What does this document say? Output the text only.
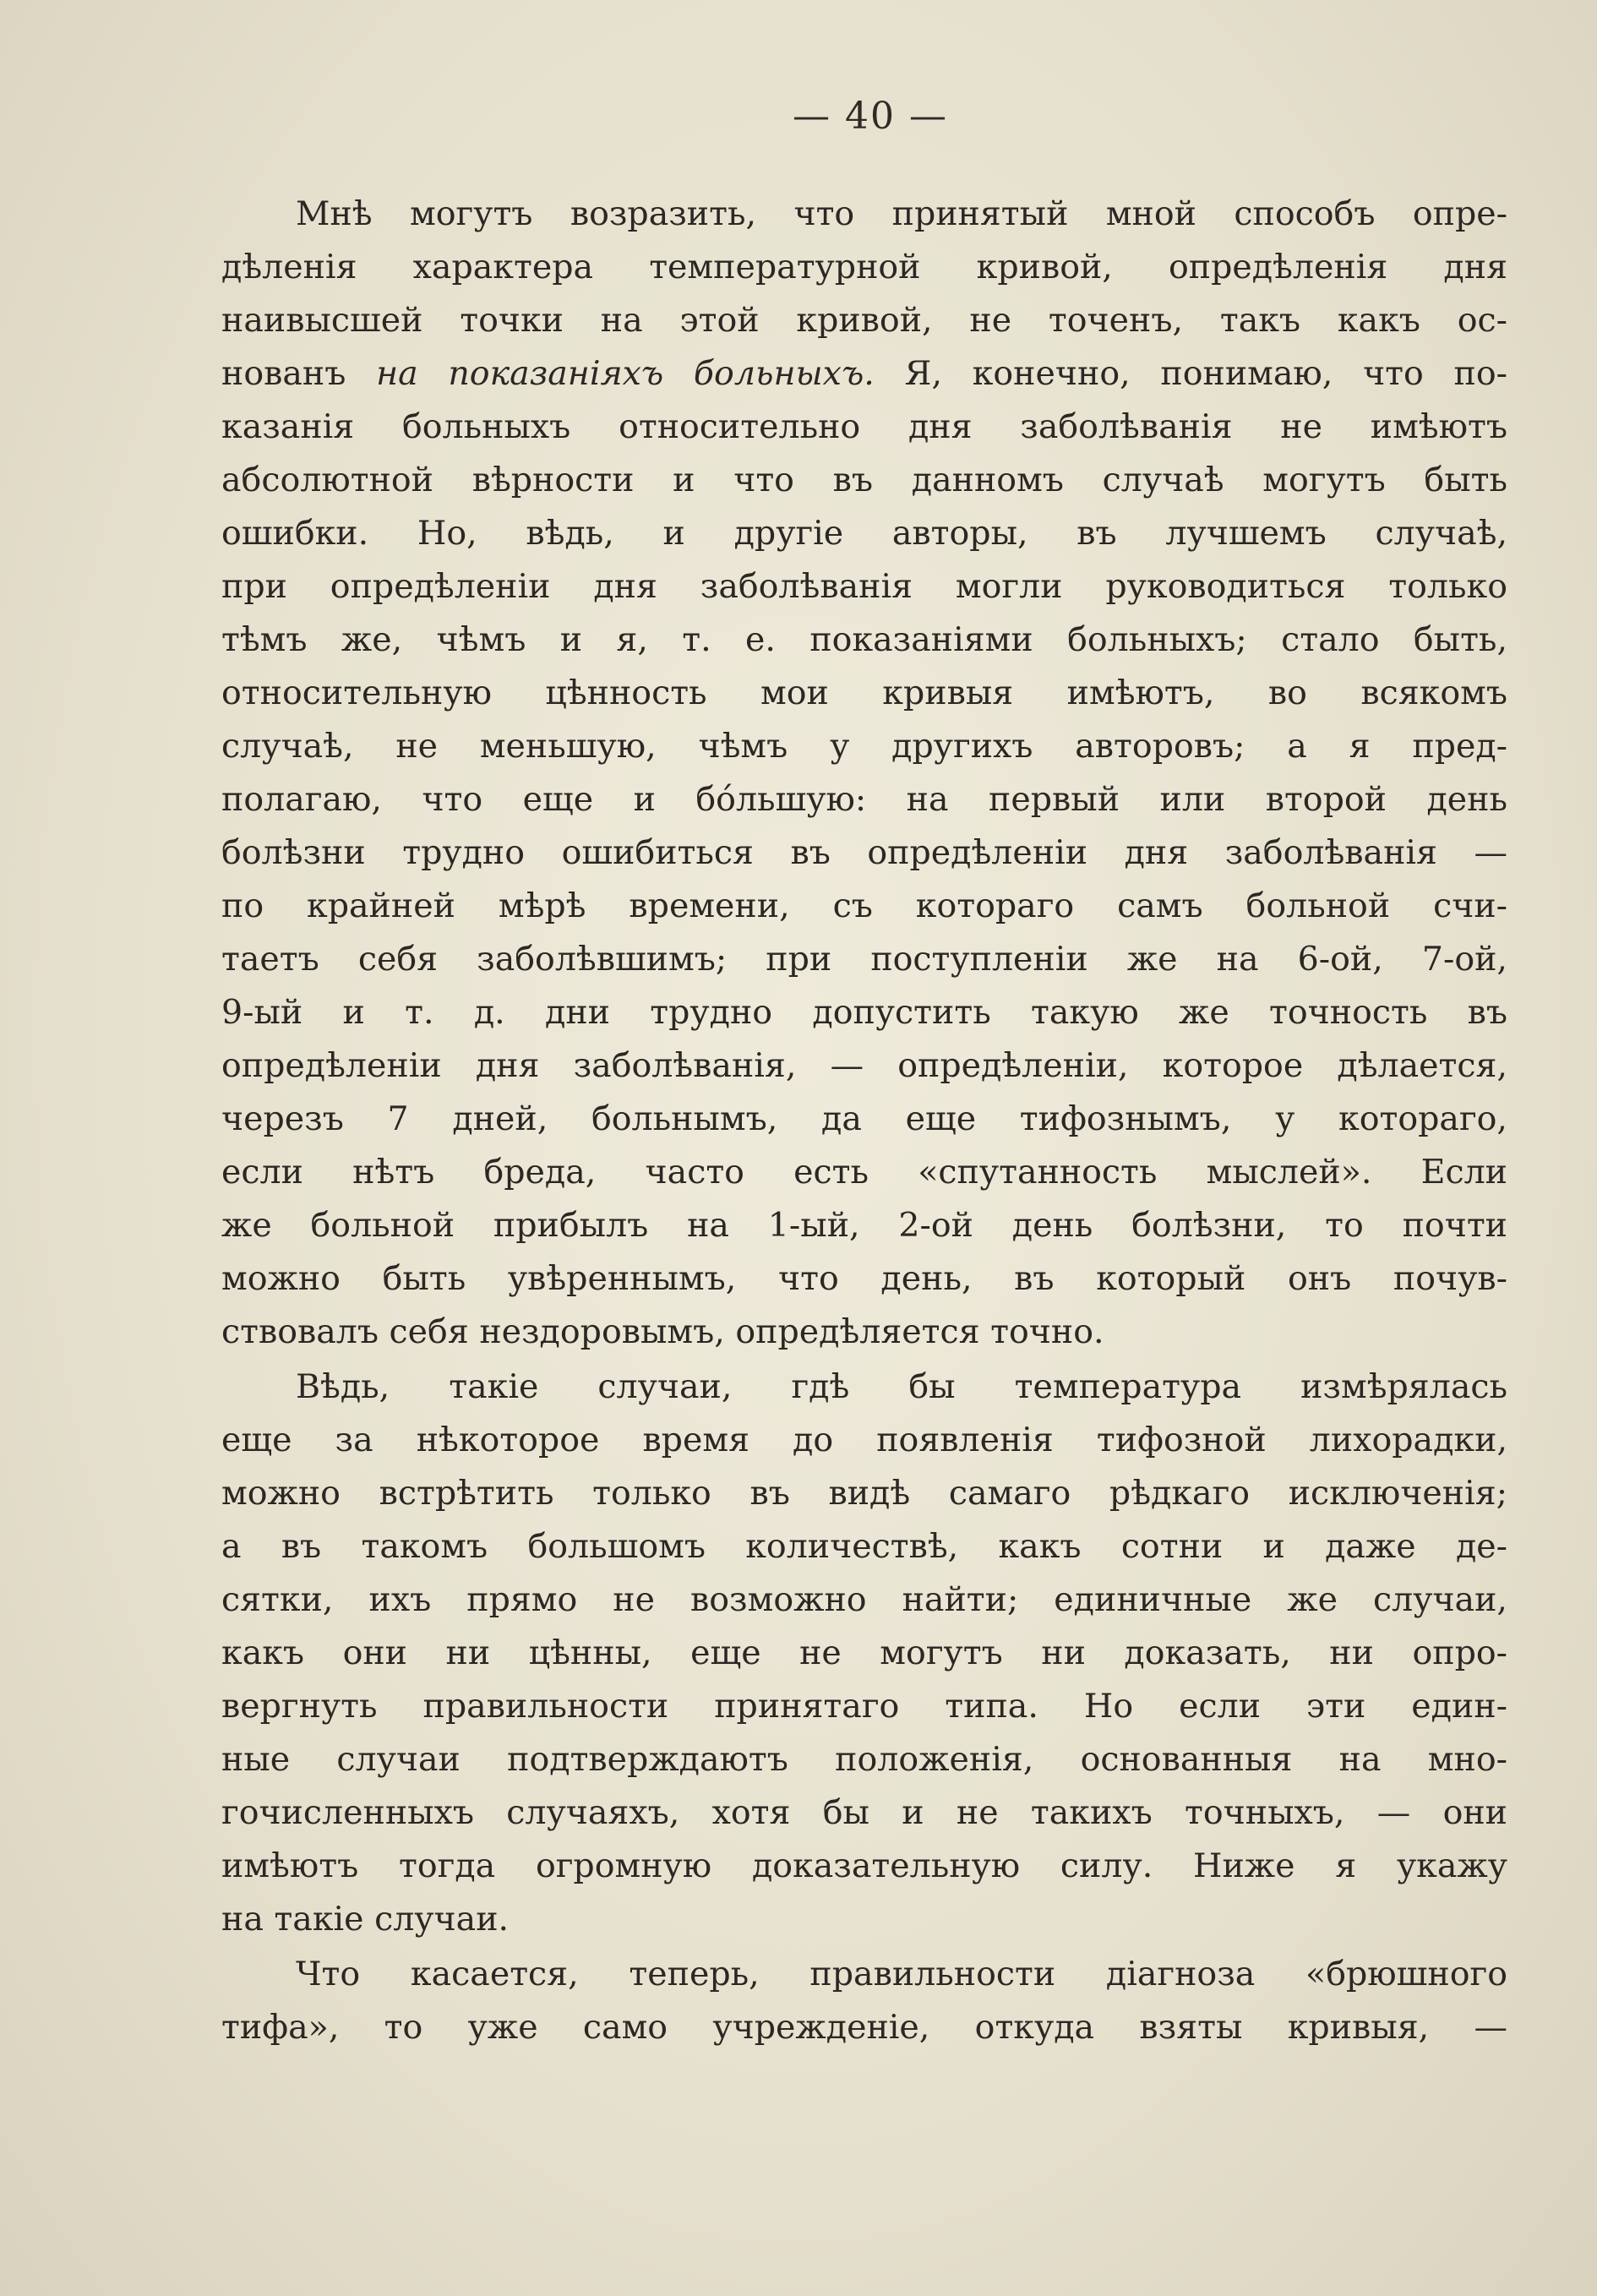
— 40 —

Мнѣ могутъ возразить, что принятый мной способъ опре-
дѣленія характера температурной кривой, опредѣленія дня
наивысшей точки на этой кривой, не точенъ, такъ какъ ос-
нованъ на показаніяхъ больныхъ. Я, конечно, понимаю, что по-
казанія больныхъ относительно дня заболѣванія не имѣютъ
абсолютной вѣрности и что въ данномъ случаѣ могутъ быть
ошибки. Но, вѣдь, и другіе авторы, въ лучшемъ случаѣ,
при опредѣленіи дня заболѣванія могли руководиться только
тѣмъ же, чѣмъ и я, т. е. показаніями больныхъ; стало быть,
относительную цѣнность мои кривыя имѣютъ, во всякомъ
случаѣ, не меньшую, чѣмъ у другихъ авторовъ; а я пред-
полагаю, что еще и бóльшую: на первый или второй день
болѣзни трудно ошибиться въ опредѣленіи дня заболѣванія —
по крайней мѣрѣ времени, съ котораго самъ больной счи-
таетъ себя заболѣвшимъ; при поступленіи же на 6-ой, 7-ой,
9-ый и т. д. дни трудно допустить такую же точность въ
опредѣленіи дня заболѣванія, — опредѣленіи, которое дѣлается,
черезъ 7 дней, больнымъ, да еще тифознымъ, у котораго,
если нѣтъ бреда, часто есть «спутанность мыслей». Если
же больной прибылъ на 1-ый, 2-ой день болѣзни, то почти
можно быть увѣреннымъ, что день, въ который онъ почув-
ствовалъ себя нездоровымъ, опредѣляется точно.

Вѣдь, такіе случаи, гдѣ бы температура измѣрялась
еще за нѣкоторое время до появленія тифозной лихорадки,
можно встрѣтить только въ видѣ самаго рѣдкаго исключенія;
а въ такомъ большомъ количествѣ, какъ сотни и даже де-
сятки, ихъ прямо не возможно найти; единичные же случаи,
какъ они ни цѣнны, еще не могутъ ни доказать, ни опро-
вергнуть правильности принятаго типа. Но если эти един-
ные случаи подтверждаютъ положенія, основанныя на мно-
гочисленныхъ случаяхъ, хотя бы и не такихъ точныхъ, — они
имѣютъ тогда огромную доказательную силу. Ниже я укажу
на такіе случаи.

Что касается, теперь, правильности діагноза «брюшного
тифа», то уже само учрежденіе, откуда взяты кривыя, —
